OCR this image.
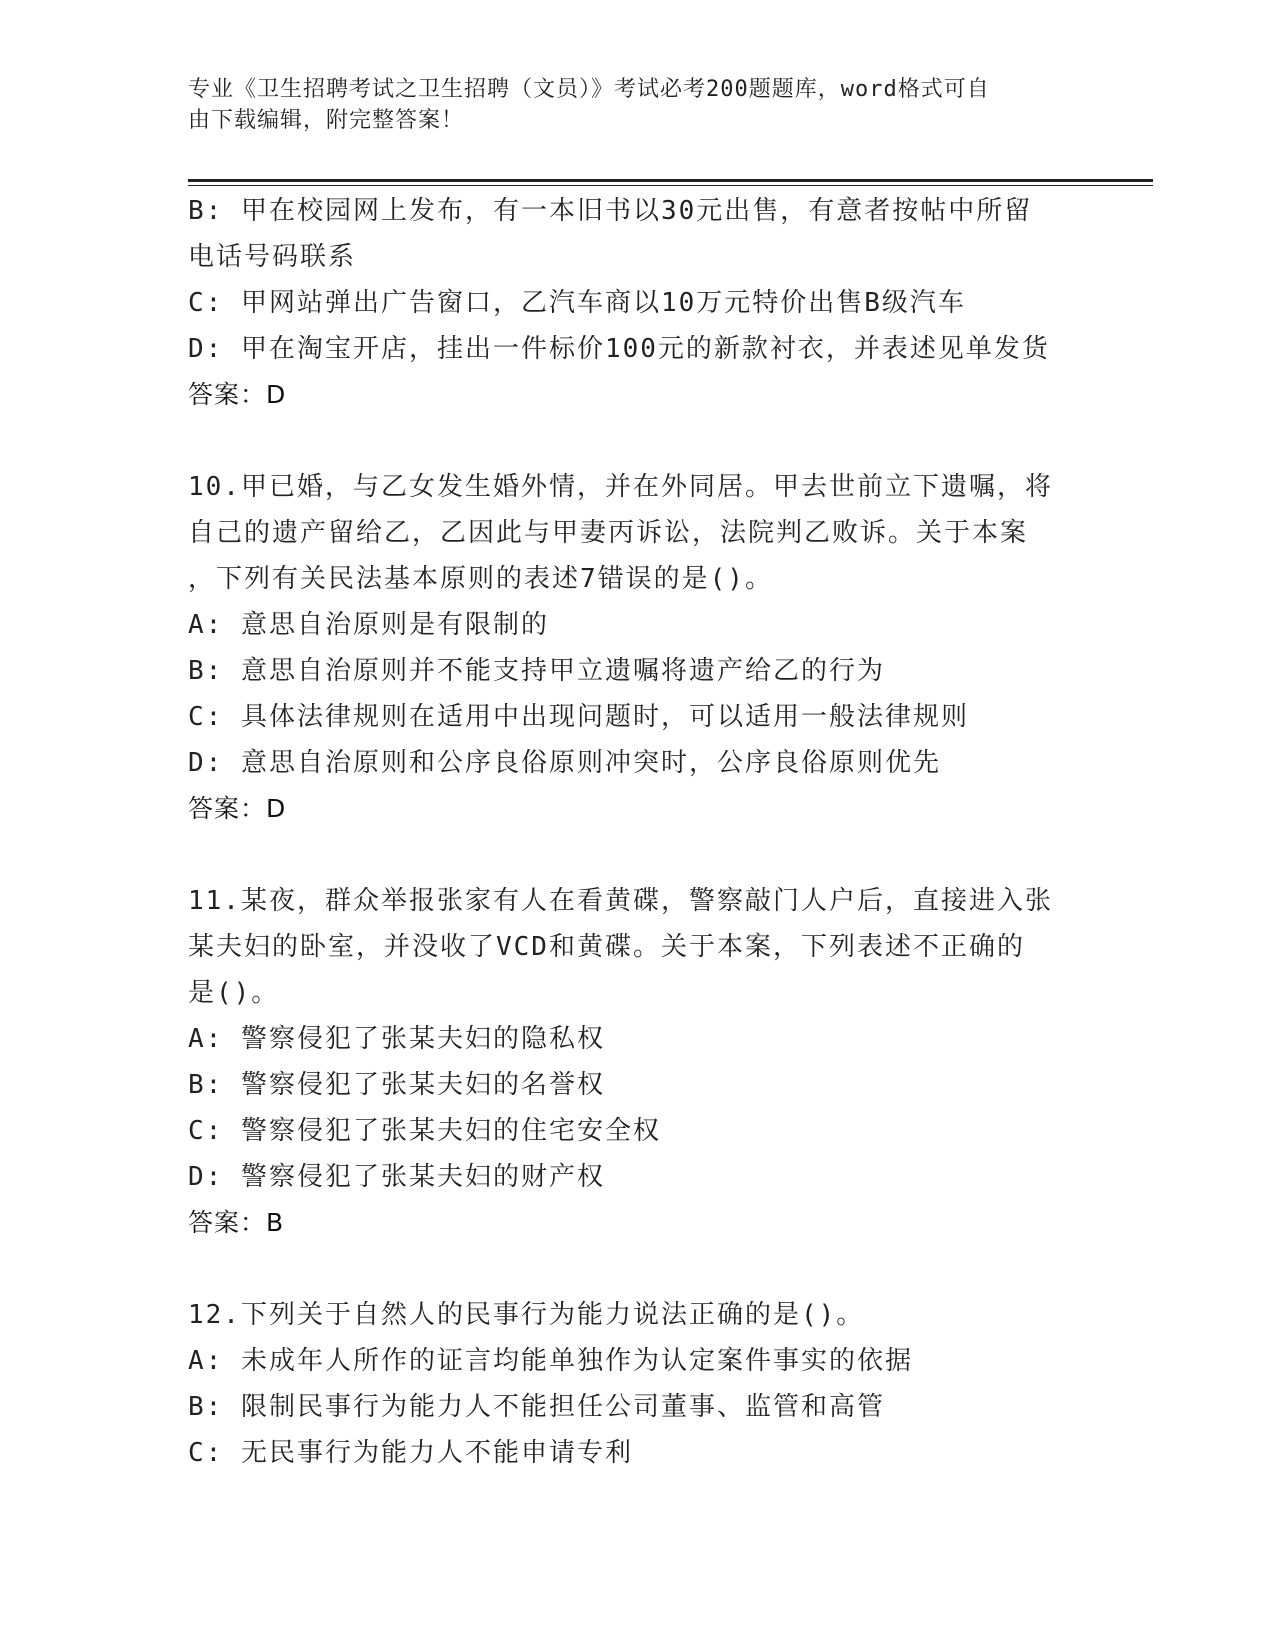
专业《卫生招聘考试之卫生招聘（文员）》考试必考200题题库，word格式可自
由下载编辑，附完整答案！
B: 甲在校园网上发布，有一本旧书以30元出售，有意者按帖中所留
电话号码联系
C: 甲网站弹出广告窗口，乙汽车商以10万元特价出售B级汽车
D: 甲在淘宝开店，挂出一件标价100元的新款衬衣，并表述见单发货
答案：D
10.甲已婚，与乙女发生婚外情，并在外同居。甲去世前立下遗嘱，将
自己的遗产留给乙，乙因此与甲妻丙诉讼，法院判乙败诉。关于本案
，下列有关民法基本原则的表述7错误的是()。
A: 意思自治原则是有限制的
B: 意思自治原则并不能支持甲立遗嘱将遗产给乙的行为
C: 具体法律规则在适用中出现问题时，可以适用一般法律规则
D: 意思自治原则和公序良俗原则冲突时，公序良俗原则优先
答案：D
11.某夜，群众举报张家有人在看黄碟，警察敲门人户后，直接进入张
某夫妇的卧室，并没收了VCD和黄碟。关于本案，下列表述不正确的
是()。
A: 警察侵犯了张某夫妇的隐私权
B: 警察侵犯了张某夫妇的名誉权
C: 警察侵犯了张某夫妇的住宅安全权
D: 警察侵犯了张某夫妇的财产权
答案：B
12.下列关于自然人的民事行为能力说法正确的是()。
A: 未成年人所作的证言均能单独作为认定案件事实的依据
B: 限制民事行为能力人不能担任公司董事、监管和高管
C: 无民事行为能力人不能申请专利
